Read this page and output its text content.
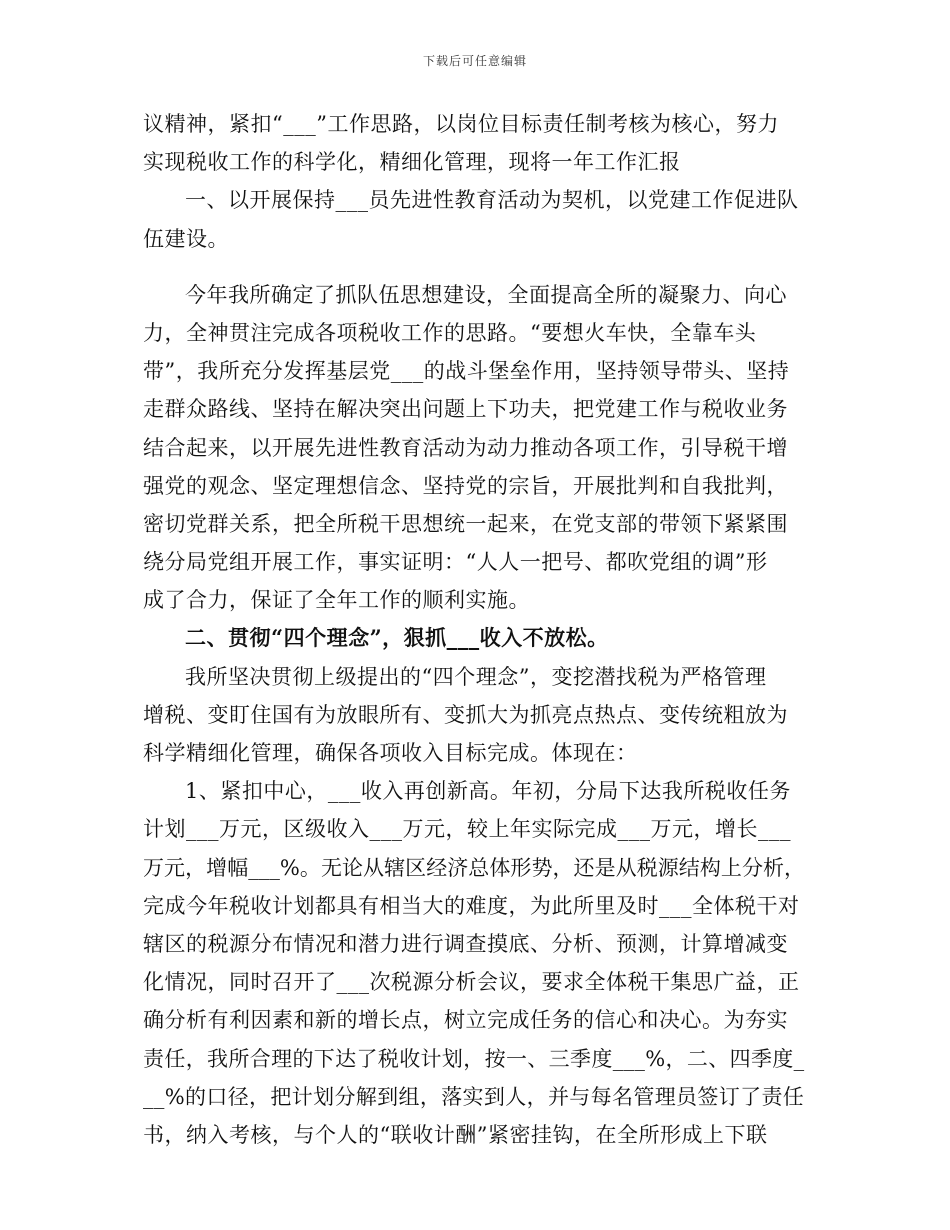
下载后可任意编辑
议精神，紧扣“___”工作思路，以岗位目标责任制考核为核心，努力
实现税收工作的科学化，精细化管理，现将一年工作汇报
一、以开展保持___员先进性教育活动为契机，以党建工作促进队
伍建设。
今年我所确定了抓队伍思想建设，全面提高全所的凝聚力、向心
力，全神贯注完成各项税收工作的思路。“要想火车快，全靠车头
带”，我所充分发挥基层党___的战斗堡垒作用，坚持领导带头、坚持
走群众路线、坚持在解决突出问题上下功夫，把党建工作与税收业务
结合起来，以开展先进性教育活动为动力推动各项工作，引导税干增
强党的观念、坚定理想信念、坚持党的宗旨，开展批判和自我批判，
密切党群关系，把全所税干思想统一起来，在党支部的带领下紧紧围
绕分局党组开展工作，事实证明：“人人一把号、都吹党组的调”形
成了合力，保证了全年工作的顺利实施。
二、贯彻“四个理念”，狠抓___收入不放松。
我所坚决贯彻上级提出的“四个理念”，变挖潜找税为严格管理
增税、变盯住国有为放眼所有、变抓大为抓亮点热点、变传统粗放为
科学精细化管理，确保各项收入目标完成。体现在：
1、紧扣中心，___收入再创新高。年初，分局下达我所税收任务
计划___万元，区级收入___万元，较上年实际完成___万元，增长___
万元，增幅___%。无论从辖区经济总体形势，还是从税源结构上分析，
完成今年税收计划都具有相当大的难度，为此所里及时___全体税干对
辖区的税源分布情况和潜力进行调查摸底、分析、预测，计算增减变
化情况，同时召开了___次税源分析会议，要求全体税干集思广益，正
确分析有利因素和新的增长点，树立完成任务的信心和决心。为夯实
责任，我所合理的下达了税收计划，按一、三季度___%，二、四季度_
__%的口径，把计划分解到组，落实到人，并与每名管理员签订了责任
书，纳入考核，与个人的“联收计酬”紧密挂钩，在全所形成上下联
